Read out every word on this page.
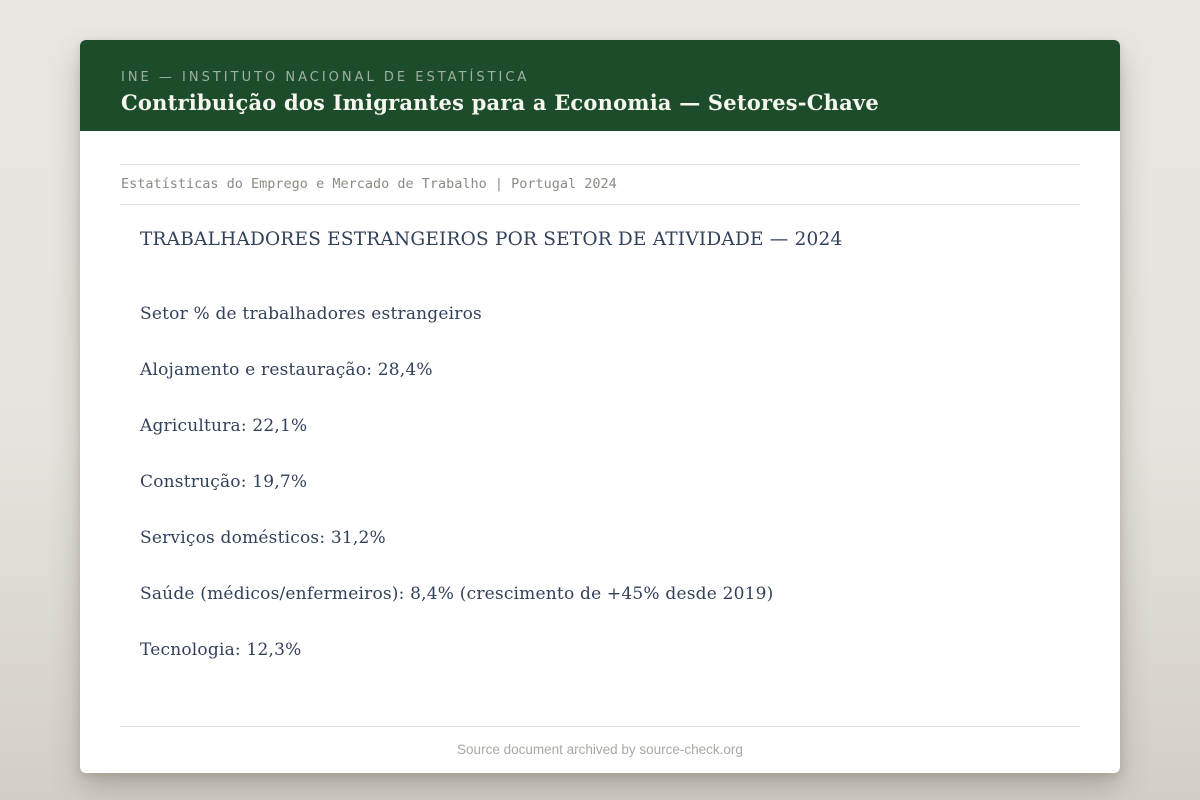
INE — INSTITUTO NACIONAL DE ESTATÍSTICA
Contribuição dos Imigrantes para a Economia — Setores-Chave
Estatísticas do Emprego e Mercado de Trabalho | Portugal 2024
TRABALHADORES ESTRANGEIROS POR SETOR DE ATIVIDADE — 2024

Setor % de trabalhadores estrangeiros

Alojamento e restauração: 28,4%

Agricultura: 22,1%

Construção: 19,7%

Serviços domésticos: 31,2%

Saúde (médicos/enfermeiros): 8,4% (crescimento de +45% desde 2019)

Tecnologia: 12,3%

Source document archived by source-check.org
